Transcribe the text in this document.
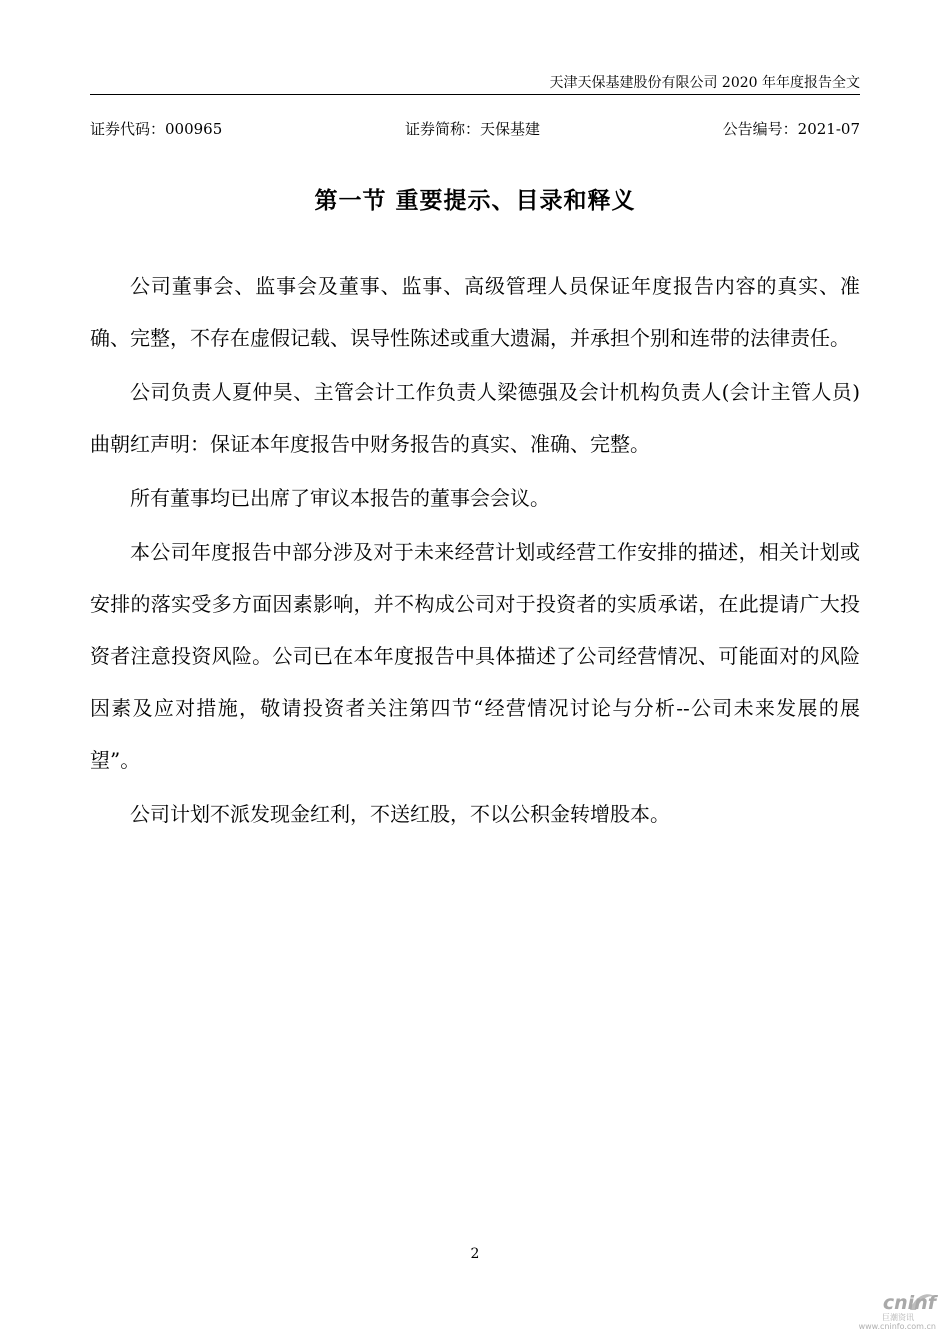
天津天保基建股份有限公司 2020 年年度报告全文
证券代码：000965	证券简称：天保基建	公告编号：2021-07
第一节 重要提示、目录和释义

公司董事会、监事会及董事、监事、高级管理人员保证年度报告内容的真实、准确、完整，不存在虚假记载、误导性陈述或重大遗漏，并承担个别和连带的法律责任。

公司负责人夏仲昊、主管会计工作负责人梁德强及会计机构负责人(会计主管人员)曲朝红声明：保证本年度报告中财务报告的真实、准确、完整。

所有董事均已出席了审议本报告的董事会会议。

本公司年度报告中部分涉及对于未来经营计划或经营工作安排的描述，相关计划或安排的落实受多方面因素影响，并不构成公司对于投资者的实质承诺，在此提请广大投资者注意投资风险。公司已在本年度报告中具体描述了公司经营情况、可能面对的风险因素及应对措施，敬请投资者关注第四节“经营情况讨论与分析--公司未来发展的展望”。

公司计划不派发现金红利，不送红股，不以公积金转增股本。

2
cninf
巨潮资讯
www.cninfo.com.cn
